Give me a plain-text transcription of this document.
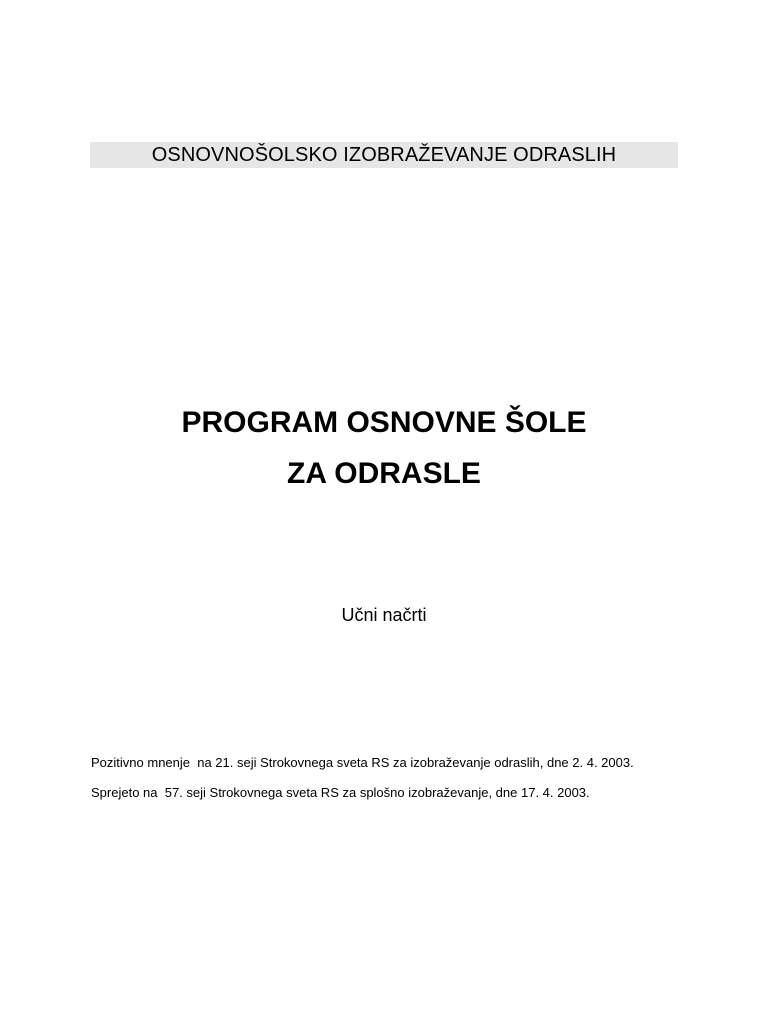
OSNOVNOŠOLSKO IZOBRAŽEVANJE ODRASLIH
PROGRAM OSNOVNE ŠOLE
ZA ODRASLE
Učni načrti
Pozitivno mnenje  na 21. seji Strokovnega sveta RS za izobraževanje odraslih, dne 2. 4. 2003.
Sprejeto na  57. seji Strokovnega sveta RS za splošno izobraževanje, dne 17. 4. 2003.
